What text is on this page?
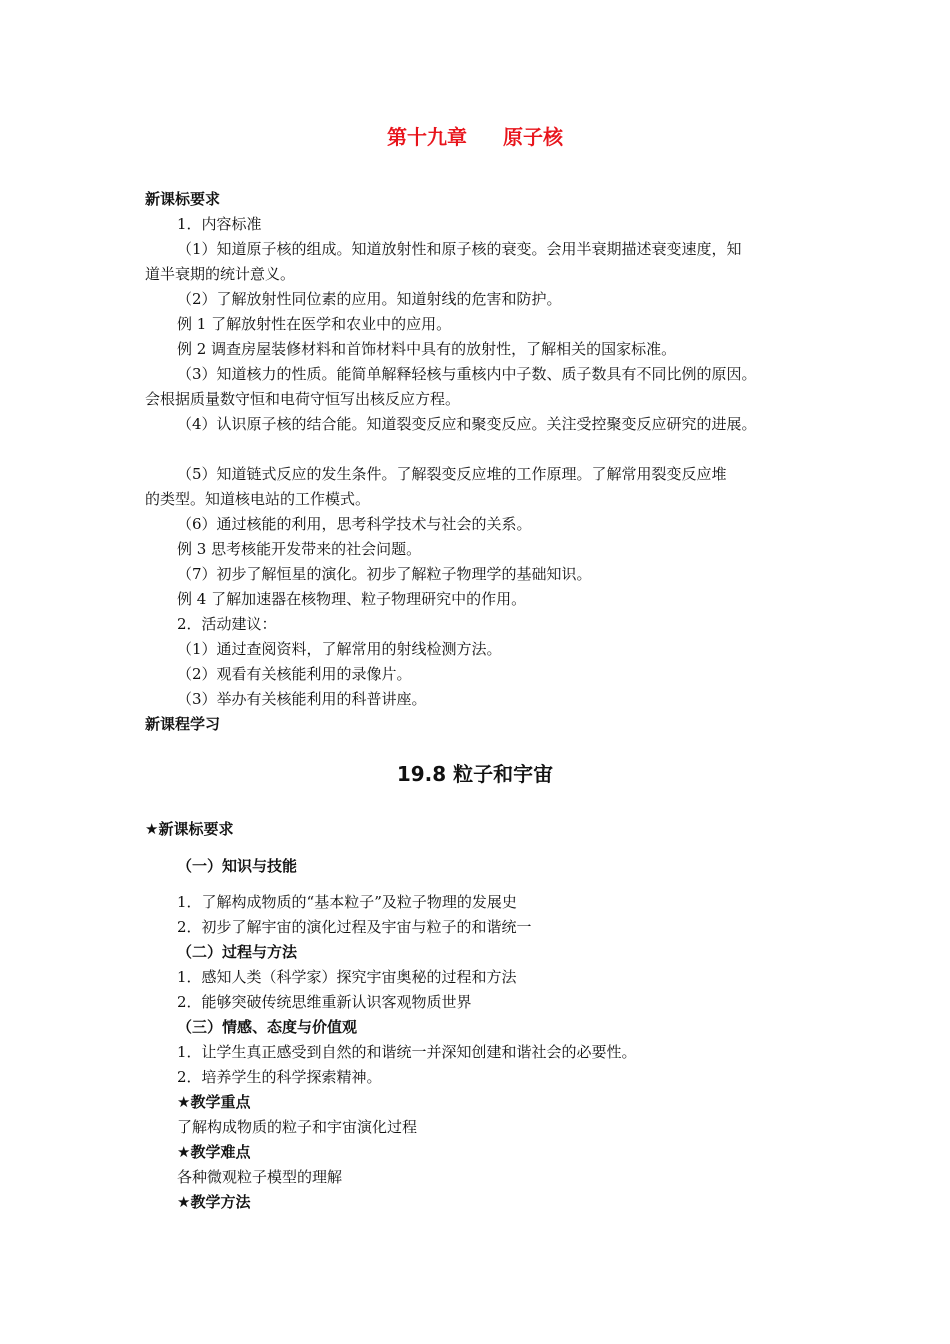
第十九章 原子核
新课标要求
1．内容标准
（1）知道原子核的组成。知道放射性和原子核的衰变。会用半衰期描述衰变速度，知
道半衰期的统计意义。
（2）了解放射性同位素的应用。知道射线的危害和防护。
例 1 了解放射性在医学和农业中的应用。
例 2 调查房屋装修材料和首饰材料中具有的放射性，了解相关的国家标准。
（3）知道核力的性质。能简单解释轻核与重核内中子数、质子数具有不同比例的原因。
会根据质量数守恒和电荷守恒写出核反应方程。
（4）认识原子核的结合能。知道裂变反应和聚变反应。关注受控聚变反应研究的进展。
（5）知道链式反应的发生条件。了解裂变反应堆的工作原理。了解常用裂变反应堆
的类型。知道核电站的工作模式。
（6）通过核能的利用，思考科学技术与社会的关系。
例 3 思考核能开发带来的社会问题。
（7）初步了解恒星的演化。初步了解粒子物理学的基础知识。
例 4 了解加速器在核物理、粒子物理研究中的作用。
2．活动建议：
（1）通过查阅资料，了解常用的射线检测方法。
（2）观看有关核能利用的录像片。
（3）举办有关核能利用的科普讲座。
新课程学习
19.8 粒子和宇宙
★新课标要求
（一）知识与技能
1．了解构成物质的“基本粒子”及粒子物理的发展史
2．初步了解宇宙的演化过程及宇宙与粒子的和谐统一
（二）过程与方法
1．感知人类（科学家）探究宇宙奥秘的过程和方法
2．能够突破传统思维重新认识客观物质世界
（三）情感、态度与价值观
1．让学生真正感受到自然的和谐统一并深知创建和谐社会的必要性。
2．培养学生的科学探索精神。
★教学重点
了解构成物质的粒子和宇宙演化过程
★教学难点
各种微观粒子模型的理解
★教学方法
